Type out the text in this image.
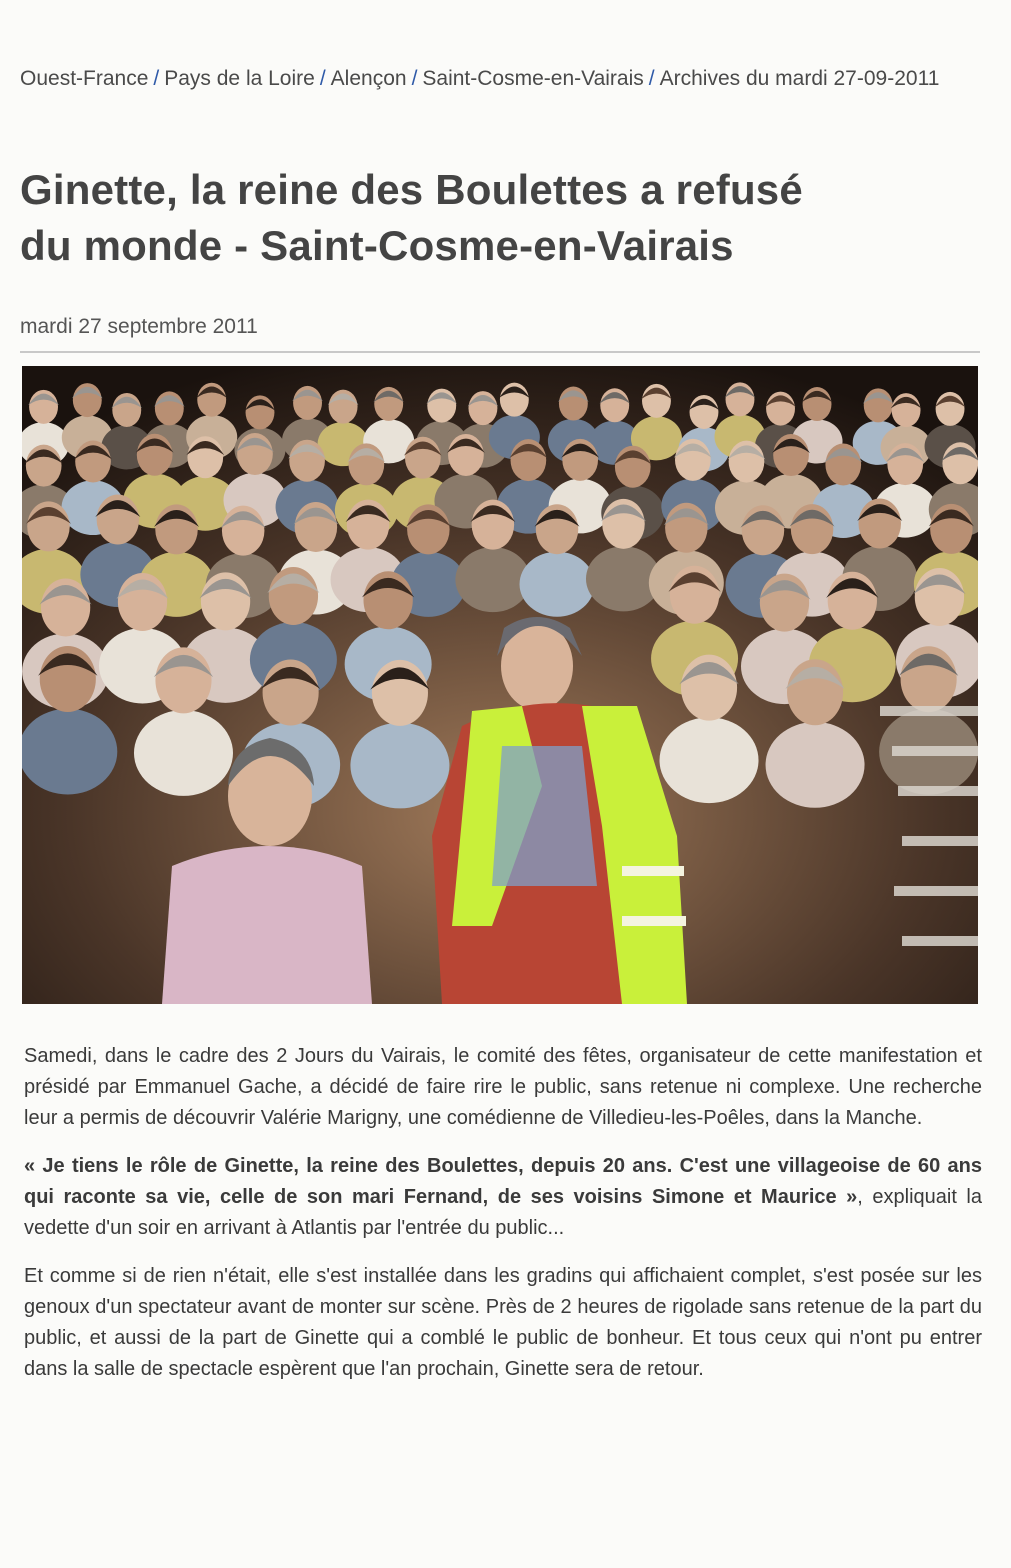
Ouest-France / Pays de la Loire / Alençon / Saint-Cosme-en-Vairais / Archives du mardi 27-09-2011
Ginette, la reine des Boulettes a refusé
du monde - Saint-Cosme-en-Vairais
mardi 27 septembre 2011

Samedi, dans le cadre des 2 Jours du Vairais, le comité des fêtes, organisateur de cette manifestation et présidé par Emmanuel Gache, a décidé de faire rire le public, sans retenue ni complexe. Une recherche leur a permis de découvrir Valérie Marigny, une comédienne de Villedieu-les-Poêles, dans la Manche.

« Je tiens le rôle de Ginette, la reine des Boulettes, depuis 20 ans. C'est une villageoise de 60 ans qui raconte sa vie, celle de son mari Fernand, de ses voisins Simone et Maurice », expliquait la vedette d'un soir en arrivant à Atlantis par l'entrée du public...

Et comme si de rien n'était, elle s'est installée dans les gradins qui affichaient complet, s'est posée sur les genoux d'un spectateur avant de monter sur scène. Près de 2 heures de rigolade sans retenue de la part du public, et aussi de la part de Ginette qui a comblé le public de bonheur. Et tous ceux qui n'ont pu entrer dans la salle de spectacle espèrent que l'an prochain, Ginette sera de retour.
